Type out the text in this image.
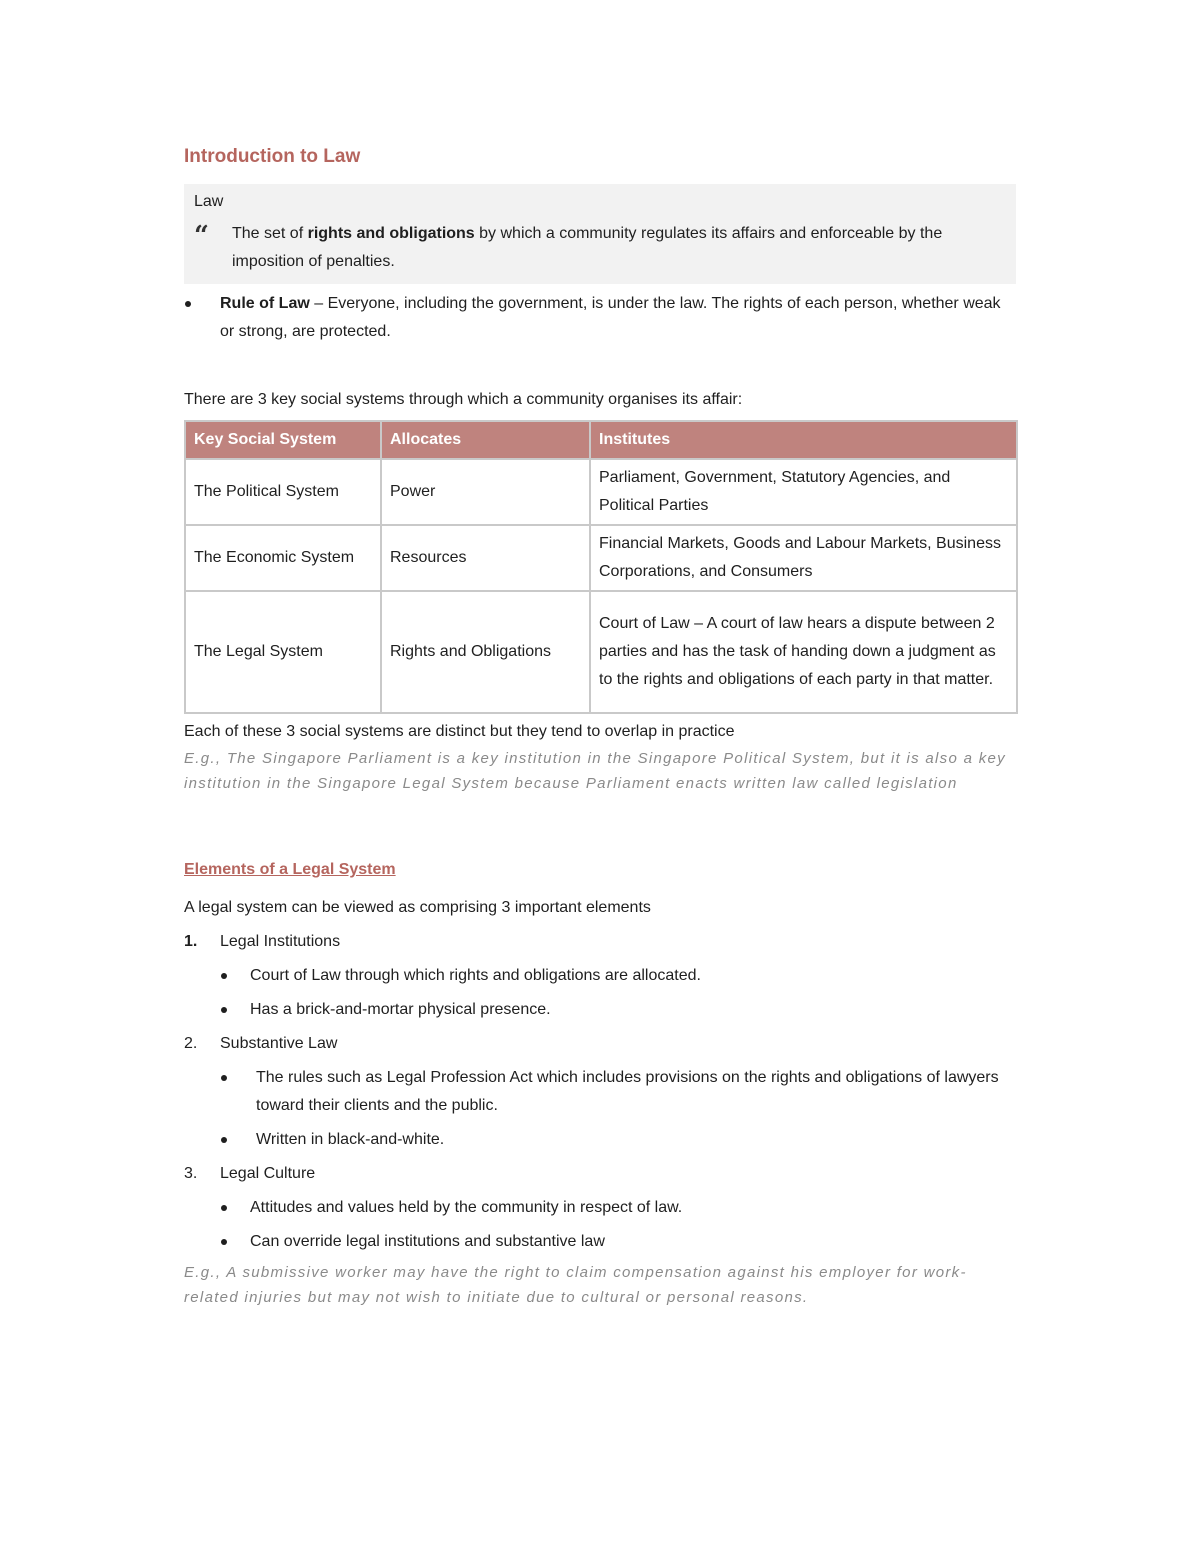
Introduction to Law
Law
“	The set of rights and obligations by which a community regulates its affairs and enforceable by the imposition of penalties.
Rule of Law – Everyone, including the government, is under the law. The rights of each person, whether weak or strong, are protected.
There are 3 key social systems through which a community organises its affair:
Key Social System	Allocates	Institutes
The Political System	Power	Parliament, Government, Statutory Agencies, and Political Parties
The Economic System	Resources	Financial Markets, Goods and Labour Markets, Business Corporations, and Consumers
The Legal System	Rights and Obligations	Court of Law – A court of law hears a dispute between 2 parties and has the task of handing down a judgment as to the rights and obligations of each party in that matter.
Each of these 3 social systems are distinct but they tend to overlap in practice
E.g., The Singapore Parliament is a key institution in the Singapore Political System, but it is also a key institution in the Singapore Legal System because Parliament enacts written law called legislation
Elements of a Legal System
A legal system can be viewed as comprising 3 important elements
1.	Legal Institutions
Court of Law through which rights and obligations are allocated.
Has a brick-and-mortar physical presence.
2.	Substantive Law
The rules such as Legal Profession Act which includes provisions on the rights and obligations of lawyers toward their clients and the public.
Written in black-and-white.
3.	Legal Culture
Attitudes and values held by the community in respect of law.
Can override legal institutions and substantive law
E.g., A submissive worker may have the right to claim compensation against his employer for work-related injuries but may not wish to initiate due to cultural or personal reasons.
